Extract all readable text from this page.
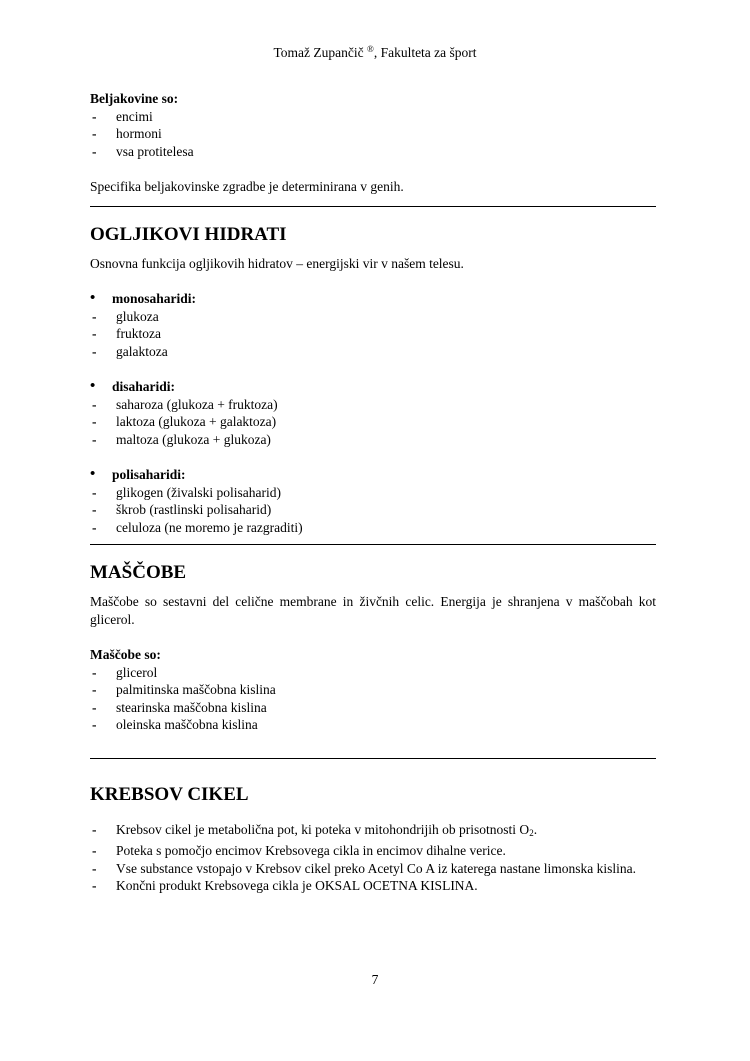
Tomaž Zupančič ®, Fakulteta za šport

Beljakovine so:

- encimi
- hormoni
- vsa protitelesa

Specifika beljakovinske zgradbe je determinirana v genih.

OGLJIKOVI HIDRATI

Osnovna funkcija ogljikovih hidratov – energijski vir v našem telesu.

• monosaharidi:
- glukoza
- fruktoza
- galaktoza
• disaharidi:
- saharoza (glukoza + fruktoza)
- laktoza (glukoza + galaktoza)
- maltoza (glukoza + glukoza)
• polisaharidi:
- glikogen (živalski polisaharid)
- škrob (rastlinski polisaharid)
- celuloza (ne moremo je razgraditi)
MAŠČOBE

Maščobe so sestavni del celične membrane in živčnih celic. Energija je shranjena v maščobah kot glicerol.

Maščobe so:

- glicerol
- palmitinska maščobna kislina
- stearinska maščobna kislina
- oleinska maščobna kislina
KREBSOV CIKEL
- Krebsov cikel je metabolična pot, ki poteka v mitohondrijih ob prisotnosti $O_2$.
- Poteka s pomočjo encimov Krebsovega cikla in encimov dihalne verice.
- Vse substance vstopajo v Krebsov cikel preko Acetyl Co A iz katerega nastane limonska kislina.
- Končni produkt Krebsovega cikla je OKSAL OCETNA KISLINA.
7
